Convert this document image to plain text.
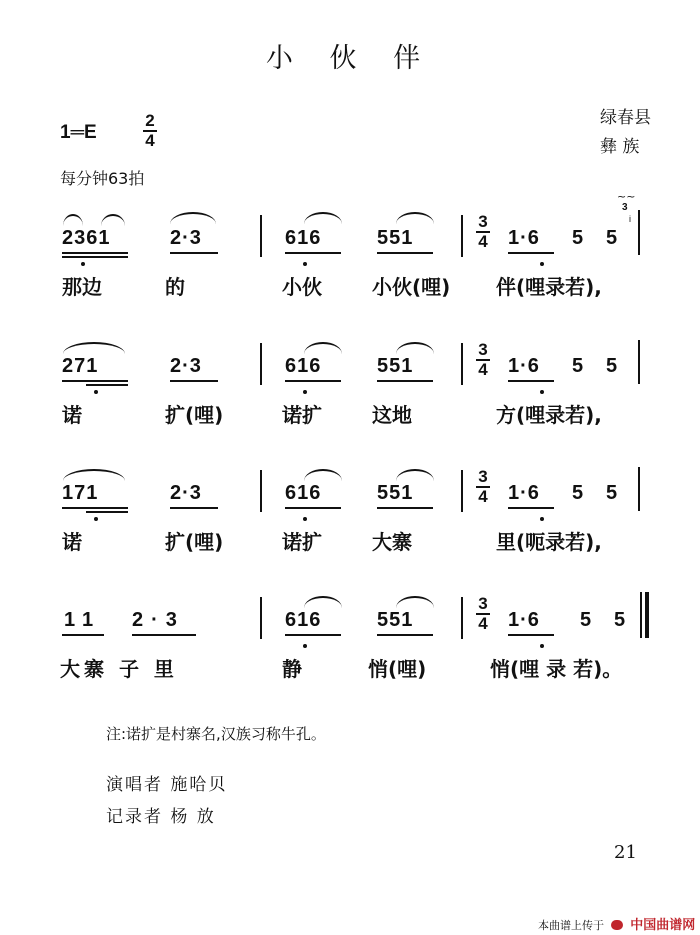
小 伙 伴
1═E
2
4
绿春县
彝 族
每分钟63拍
2361	2·3	616	551	1·6 5 5
3
i
~~
3
4
那边	的	小伙	小伙(哩) 伴(哩录若),
271	2·3	616	551	1·6 5 5
3
4
诺	扩(哩)	诺扩	这地	方(哩录若),
171	2·3	616	551	1·6 5 5
3
4
诺	扩(哩)	诺扩	大寨	里(呃录若),
11 2·3	616	551	1·6 5 5
3
4
大寨 子 里	静	悄(哩)	悄(哩 录 若)。
注:诺扩是村寨名,汉族习称牛孔。
演唱者 施哈贝
记录者 杨 放
21
本曲谱上传于 中国曲谱网
